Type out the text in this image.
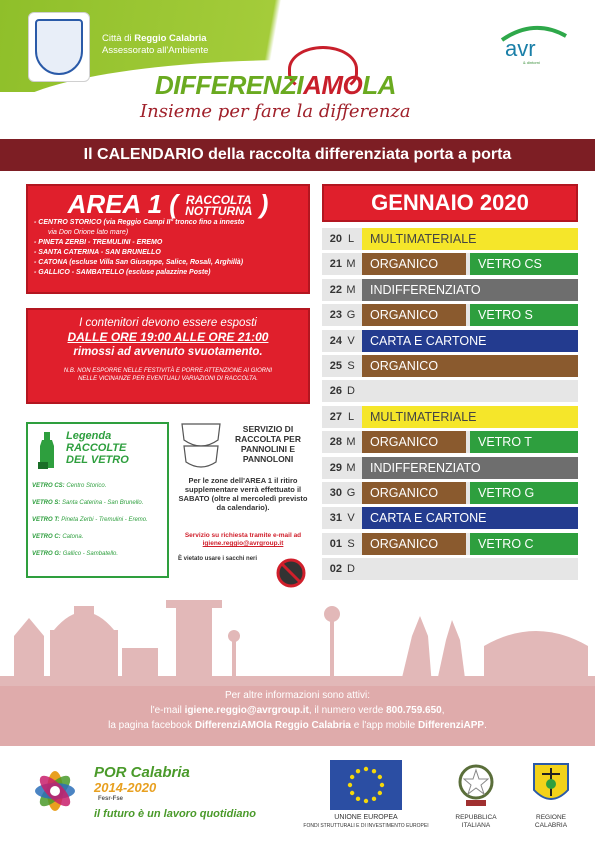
Città di Reggio Calabria
Assessorato all'Ambiente	avr
& dintorni
DIFFERENZIAMOLA
Insieme per fare la differenza
Il CALENDARIO della raccolta differenziata porta a porta
AREA 1 ( RACCOLTA
NOTTURNA )
- CENTRO STORICO (via Reggio Campi II° tronco fino a innesto
via Don Orione lato mare)
- PINETA ZERBI - TREMULINI - EREMO
- SANTA CATERINA - SAN BRUNELLO
- CATONA (escluse Villa San Giuseppe, Salice, Rosalì, Arghillà)
- GALLICO - SAMBATELLO (escluse palazzine Poste)
I contenitori devono essere esposti
DALLE ORE 19:00 ALLE ORE 21:00
rimossi ad avvenuto svuotamento.
N.B. NON ESPORRE NELLE FESTIVITÀ E PORRE ATTENZIONE AI GIORNI
NELLE VICINANZE PER EVENTUALI VARIAZIONI DI RACCOLTA.
Legenda
RACCOLTE
DEL VETRO
VETRO CS: Centro Storico.
VETRO S: Santa Caterina - San Brunello.
VETRO T: Pineta Zerbi - Tremulini - Eremo.
VETRO C: Catona.
VETRO G: Gallico - Sambatello.
SERVIZIO DI RACCOLTA PER PANNOLINI E PANNOLONI
Per le zone dell'AREA 1 il ritiro supplementare verrà effettuato il SABATO (oltre al mercoledì previsto da calendario).
Servizio su richiesta tramite e-mail ad
igiene.reggio@avrgroup.it
È vietato usare i sacchi neri
GENNAIO 2020
20 L	MULTIMATERIALE
21 M	ORGANICO	VETRO CS
22 M	INDIFFERENZIATO
23 G	ORGANICO	VETRO S
24 V	CARTA E CARTONE
25 S	ORGANICO
26 D
27 L	MULTIMATERIALE
28 M	ORGANICO	VETRO T
29 M	INDIFFERENZIATO
30 G	ORGANICO	VETRO G
31 V	CARTA E CARTONE
01 S	ORGANICO	VETRO C
02 D
Per altre informazioni sono attivi:
l'e-mail igiene.reggio@avrgroup.it, il numero verde 800.759.650,
la pagina facebook DifferenziAMOla Reggio Calabria e l'app mobile DifferenziAPP.
POR Calabria
2014-2020
Fesr-Fse
il futuro è un lavoro quotidiano	UNIONE EUROPEA
FONDI STRUTTURALI E DI INVESTIMENTO EUROPEI
REPUBBLICA
ITALIANA
REGIONE
CALABRIA
